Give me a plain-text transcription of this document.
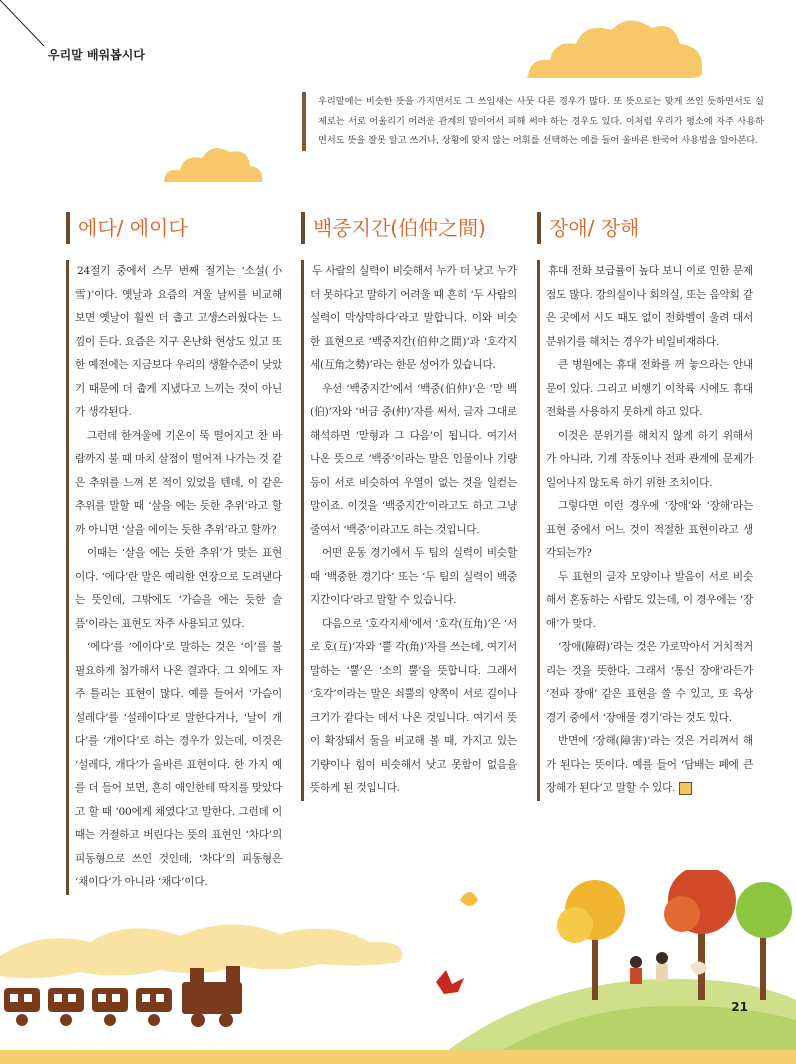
우리말 배워봅시다
우리말에는 비슷한 뜻을 가지면서도 그 쓰임새는 사뭇 다른 경우가 많다. 또 뜻으로는 맞게 쓰인 듯하면서도 실제로는 서로 어울리기 어려운 관계의 말이어서 피해 써야 하는 경우도 있다. 이처럼 우리가 평소에 자주 사용하면서도 뜻을 잘못 알고 쓰거나, 상황에 맞지 않는 어휘를 선택하는 예를 들어 올바른 한국어 사용법을 알아본다.
에다/ 에이다

24절기 중에서 스무 번째 절기는 ‘소설(小雪)’이다. 옛날과 요즘의 겨울 날씨를 비교해 보면 옛날이 훨씬 더 춥고 고생스러웠다는 느낌이 든다. 요즘은 지구 온난화 현상도 있고 또한 예전에는 지금보다 우리의 생활수준이 낮았기 때문에 더 춥게 지냈다고 느끼는 것이 아닌가 생각된다.

그런데 한겨울에 기온이 뚝 떨어지고 찬 바람까지 불 때 마치 살점이 떨어져 나가는 것 같은 추위를 느껴 본 적이 있었을 텐데, 이 같은 추위를 말할 때 ‘살을 에는 듯한 추위’라고 할까 아니면 ‘살을 에이는 듯한 추위’라고 할까?

이때는 ‘살을 에는 듯한 추위’가 맞는 표현이다. ‘에다’란 말은 예리한 연장으로 도려낸다는 뜻인데, 그밖에도 ‘가슴을 에는 듯한 슬픔’이라는 표현도 자주 사용되고 있다.

‘에다’를 ‘에이다’로 말하는 것은 ‘이’를 불필요하게 첨가해서 나온 결과다. 그 외에도 자주 틀리는 표현이 많다. 예를 들어서 ‘가슴이 설레다’를 ‘설레이다’로 말한다거나, ‘날이 개다’를 ‘개이다’로 하는 경우가 있는데, 이것은 ‘설레다, 개다’가 올바른 표현이다. 한 가지 예를 더 들어 보면, 흔히 애인한테 딱지를 맞았다고 할 때 ‘00에게 채였다’고 말한다. 그런데 이때는 거절하고 버린다는 뜻의 표현인 ‘차다’의 피동형으로 쓰인 것인데, ‘차다’의 피동형은 ‘채이다’가 아니라 ‘채다’이다.

백중지간(伯仲之間)

두 사람의 실력이 비슷해서 누가 더 낫고 누가 더 못하다고 말하기 어려울 때 흔히 ‘두 사람의 실력이 막상막하다’라고 말합니다. 이와 비슷한 표현으로 ‘백중지간(伯仲之間)’과 ‘호각지세(互角之勢)’라는 한문 성어가 있습니다.

우선 ‘백중지간’에서 ‘백중(伯仲)’은 ‘맏 백(伯)’자와 ‘버금 중(仲)’자를 써서, 글자 그대로 해석하면 ‘맏형과 그 다음’이 됩니다. 여기서 나온 뜻으로 ‘백중’이라는 말은 인물이나 기량 등이 서로 비슷하여 우열이 없는 것을 일컫는 말이죠. 이것을 ‘백중지간’이라고도 하고 그냥 줄여서 ‘백중’이라고도 하는 것입니다.

어떤 운동 경기에서 두 팀의 실력이 비슷할 때 ‘백중한 경기다’ 또는 ‘두 팀의 실력이 백중지간이다’라고 말할 수 있습니다.

다음으로 ‘호각지세’에서 ‘호각(互角)’은 ‘서로 호(互)’자와 ‘뿔 각(角)’자를 쓰는데, 여기서 말하는 ‘뿔’은 ‘소의 뿔’을 뜻합니다. 그래서 ‘호각’이라는 말은 쇠뿔의 양쪽이 서로 길이나 크기가 같다는 데서 나온 것입니다. 여기서 뜻이 확장돼서 둘을 비교해 볼 때, 가지고 있는 기량이나 힘이 비슷해서 낫고 못함이 없음을 뜻하게 된 것입니다.

장애/ 장해

휴대 전화 보급률이 높다 보니 이로 인한 문제점도 많다. 강의실이나 회의실, 또는 음악회 같은 곳에서 시도 때도 없이 전화벨이 울려 대서 분위기를 해치는 경우가 비일비재하다.

큰 병원에는 휴대 전화를 꺼 놓으라는 안내문이 있다. 그리고 비행기 이착륙 시에도 휴대 전화를 사용하지 못하게 하고 있다.

이것은 분위기를 해치지 않게 하기 위해서가 아니라, 기계 작동이나 전파 관계에 문제가 일어나지 않도록 하기 위한 조치이다.

그렇다면 이런 경우에 ‘장애’와 ‘장해’라는 표현 중에서 어느 것이 적절한 표현이라고 생각되는가?

두 표현의 글자 모양이나 발음이 서로 비슷해서 혼동하는 사람도 있는데, 이 경우에는 ‘장애’가 맞다.

‘장애(障碍)’라는 것은 가로막아서 거치적거리는 것을 뜻한다. 그래서 ‘통신 장애’라든가 ‘전파 장애’ 같은 표현을 쓸 수 있고, 또 육상 경기 중에서 ‘장애물 경기’라는 것도 있다.

반면에 ‘장해(障害)’라는 것은 거리껴서 해가 된다는 뜻이다. 예를 들어 ‘담배는 폐에 큰 장해가 된다’고 말할 수 있다.

21
